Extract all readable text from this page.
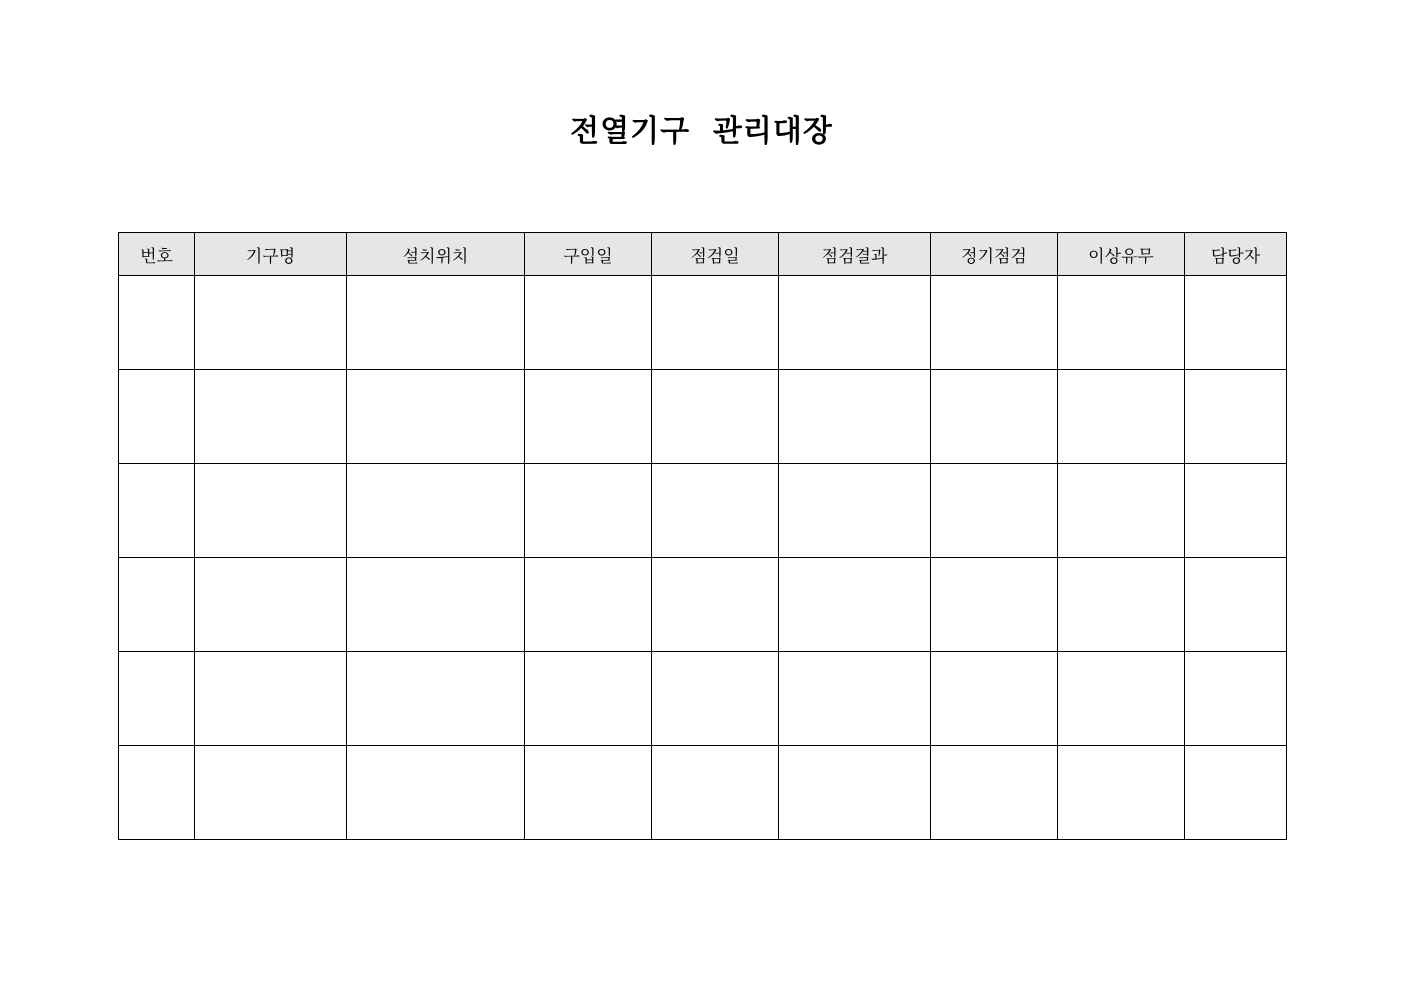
전열기구  관리대장
번호	기구명	설치위치	구입일	점검일	점검결과	정기점검	이상유무	담당자
